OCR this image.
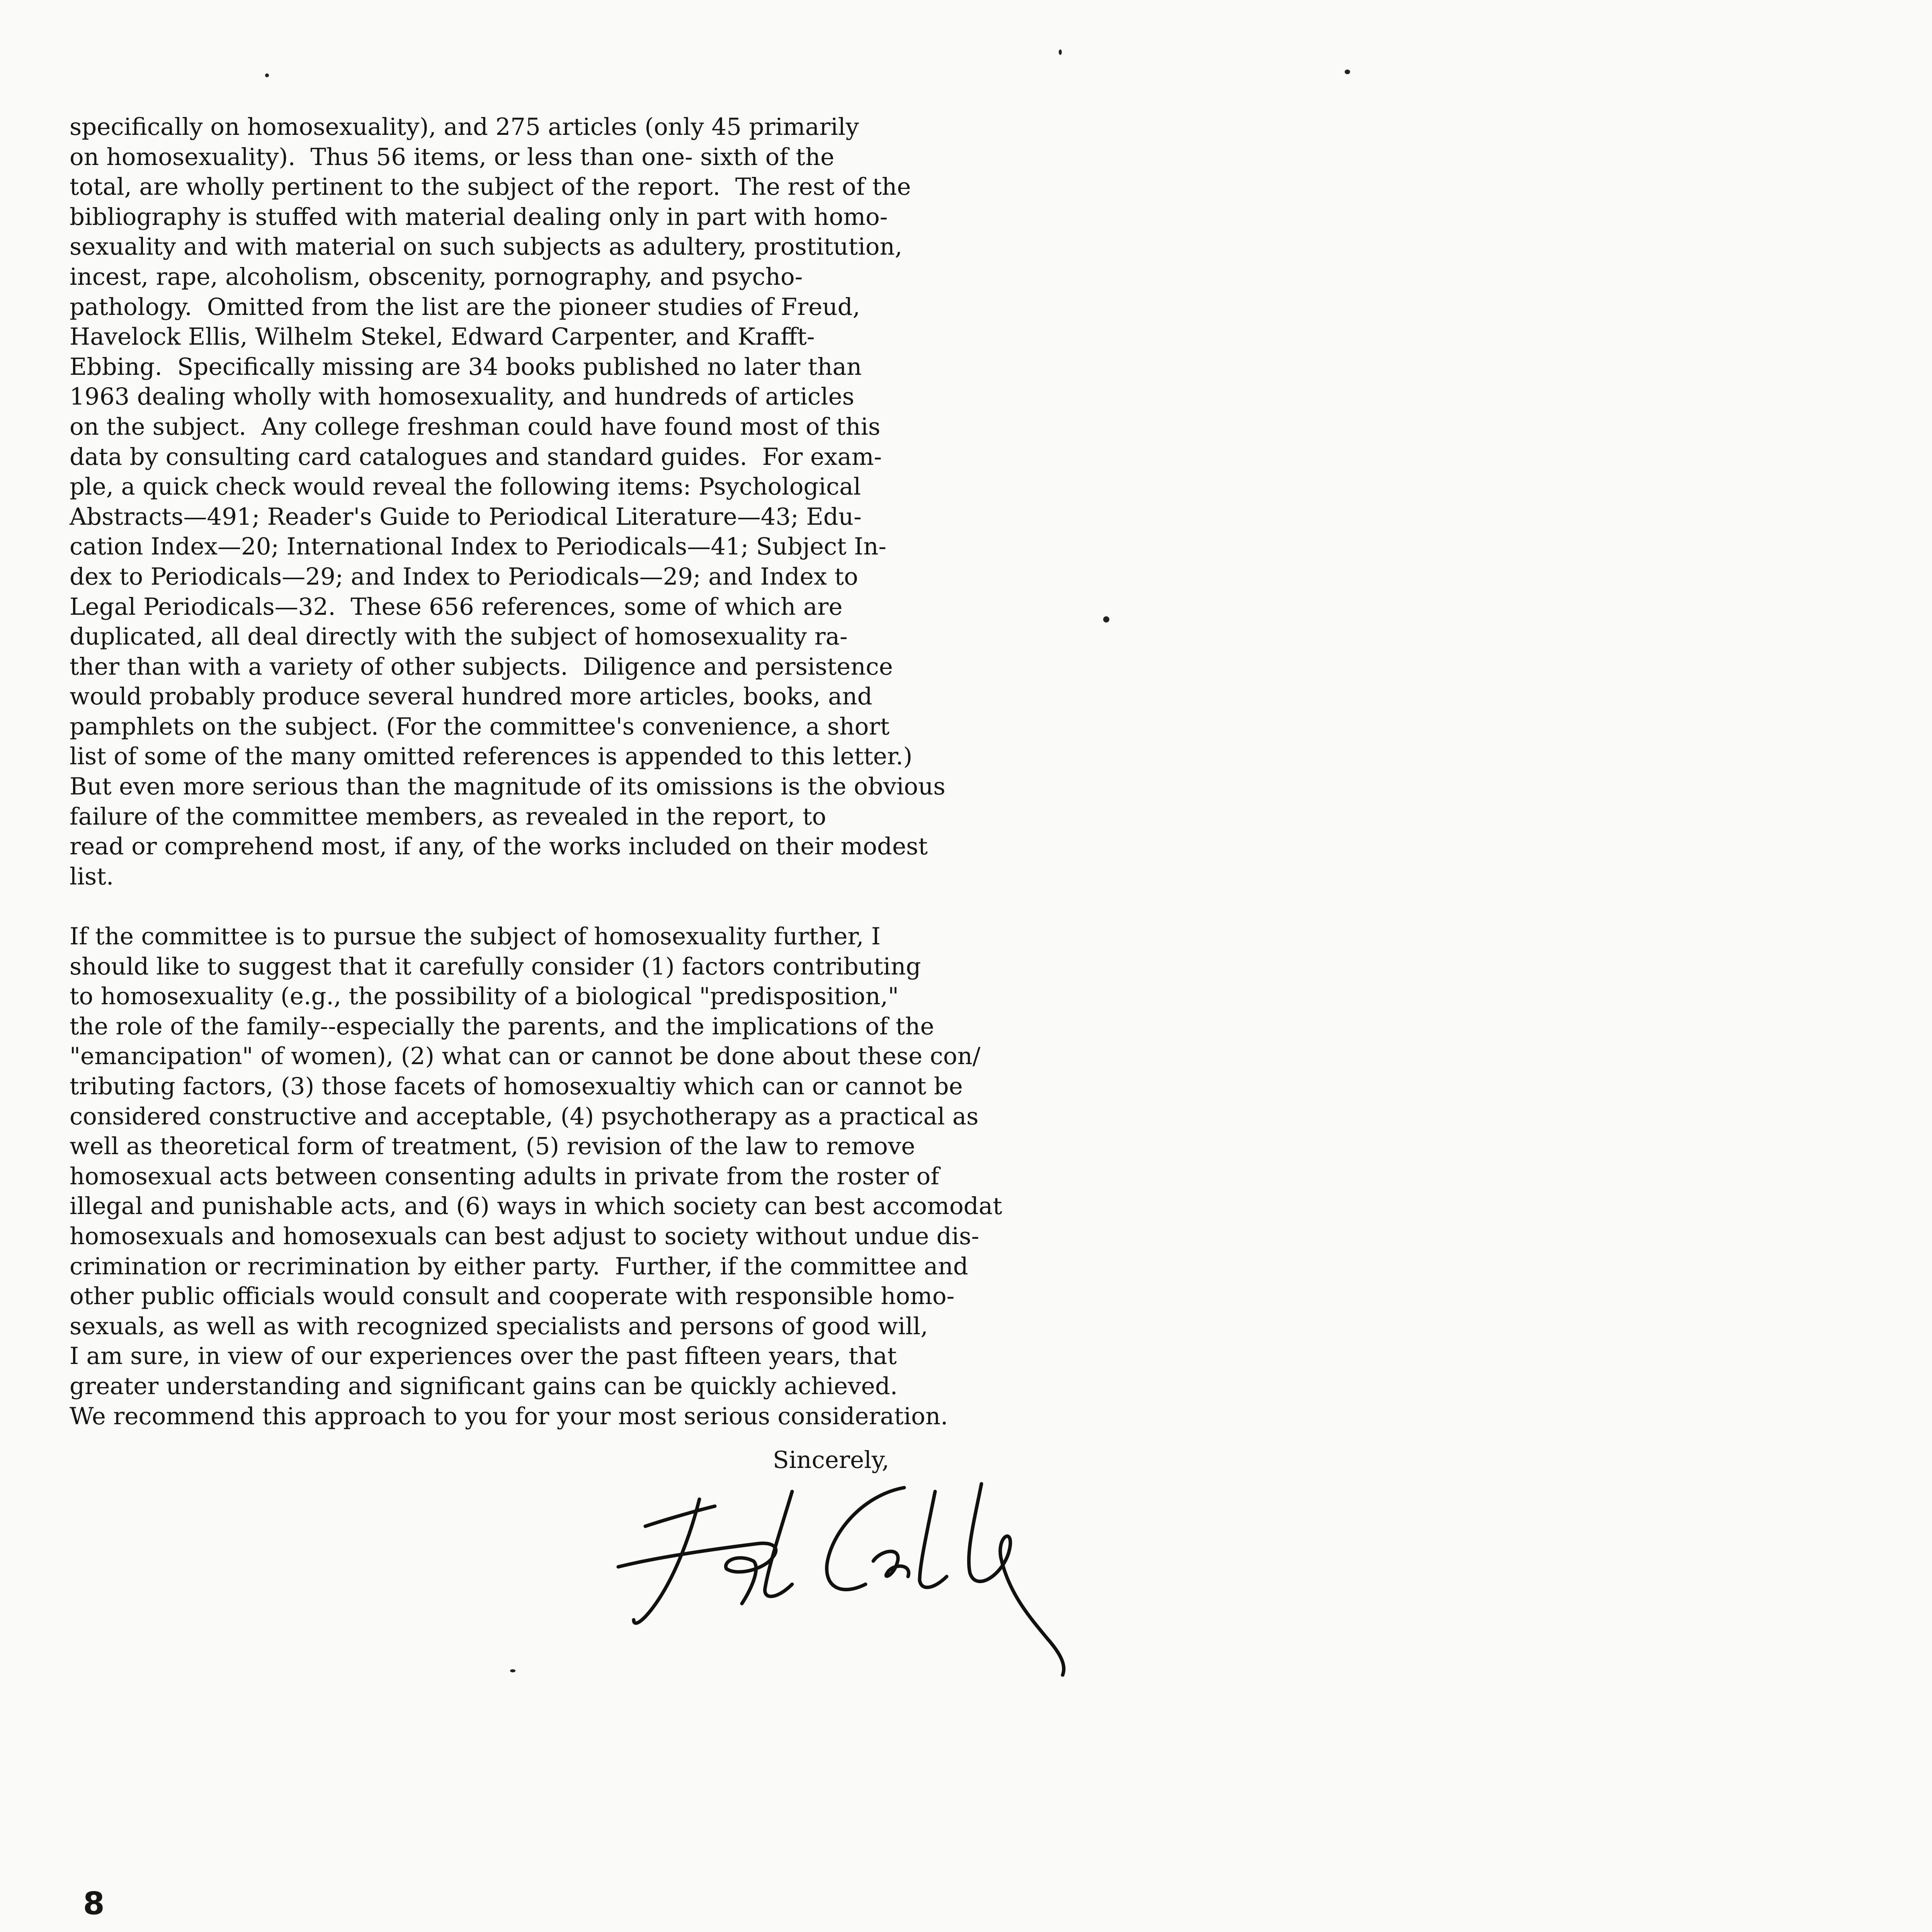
specifically on homosexuality), and 275 articles (only 45 primarily

on homosexuality).  Thus 56 items, or less than one- sixth of the

total, are wholly pertinent to the subject of the report.  The rest of the

bibliography is stuffed with material dealing only in part with homo-

sexuality and with material on such subjects as adultery, prostitution,

incest, rape, alcoholism, obscenity, pornography, and psycho-

pathology.  Omitted from the list are the pioneer studies of Freud,

Havelock Ellis, Wilhelm Stekel, Edward Carpenter, and Krafft-

Ebbing.  Specifically missing are 34 books published no later than

1963 dealing wholly with homosexuality, and hundreds of articles

on the subject.  Any college freshman could have found most of this

data by consulting card catalogues and standard guides.  For exam-

ple, a quick check would reveal the following items: Psychological

Abstracts—491; Reader's Guide to Periodical Literature—43; Edu-

cation Index—20; International Index to Periodicals—41; Subject In-

dex to Periodicals—29; and Index to Periodicals—29; and Index to

Legal Periodicals—32.  These 656 references, some of which are

duplicated, all deal directly with the subject of homosexuality ra-

ther than with a variety of other subjects.  Diligence and persistence

would probably produce several hundred more articles, books, and

pamphlets on the subject. (For the committee's convenience, a short

list of some of the many omitted references is appended to this letter.)

But even more serious than the magnitude of its omissions is the obvious

failure of the committee members, as revealed in the report, to

read or comprehend most, if any, of the works included on their modest

list.

If the committee is to pursue the subject of homosexuality further, I

should like to suggest that it carefully consider (1) factors contributing

to homosexuality (e.g., the possibility of a biological "predisposition,"

the role of the family--especially the parents, and the implications of the

"emancipation" of women), (2) what can or cannot be done about these con/

tributing factors, (3) those facets of homosexualtiy which can or cannot be

considered constructive and acceptable, (4) psychotherapy as a practical as

well as theoretical form of treatment, (5) revision of the law to remove

homosexual acts between consenting adults in private from the roster of

illegal and punishable acts, and (6) ways in which society can best accomodat

homosexuals and homosexuals can best adjust to society without undue dis-

crimination or recrimination by either party.  Further, if the committee and

other public officials would consult and cooperate with responsible homo-

sexuals, as well as with recognized specialists and persons of good will,

I am sure, in view of our experiences over the past fifteen years, that

greater understanding and significant gains can be quickly achieved.

We recommend this approach to you for your most serious consideration.

Sincerely,
8
